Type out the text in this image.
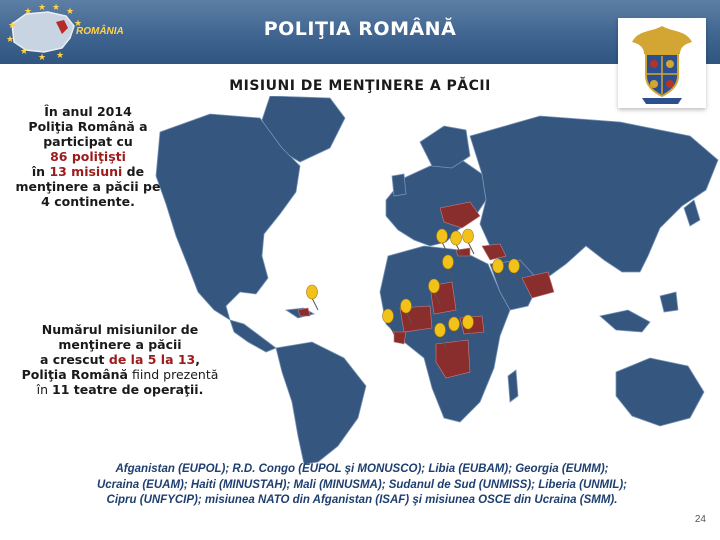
★ ★ ★ ★
★
★
★
★
★ ★
ROMÂNIA	POLIŢIA ROMÂNĂ
MISIUNI DE MENŢINERE A PĂCII
În anul 2014
Poliţia Română a
participat cu
86 poliţişti
în 13 misiuni de
menţinere a păcii pe
4 continente.
Numărul misiunilor de
menţinere a păcii
a crescut de la 5 la 13,
Poliţia Română fiind prezentă
în 11 teatre de operaţii.
Afganistan (EUPOL); R.D. Congo (EUPOL şi MONUSCO); Libia (EUBAM); Georgia (EUMM);
Ucraina (EUAM); Haiti (MINUSTAH); Mali (MINUSMA); Sudanul de Sud (UNMISS); Liberia (UNMIL);
Cipru (UNFYCIP); misiunea NATO din Afganistan (ISAF) şi misiunea OSCE din Ucraina (SMM).
24
